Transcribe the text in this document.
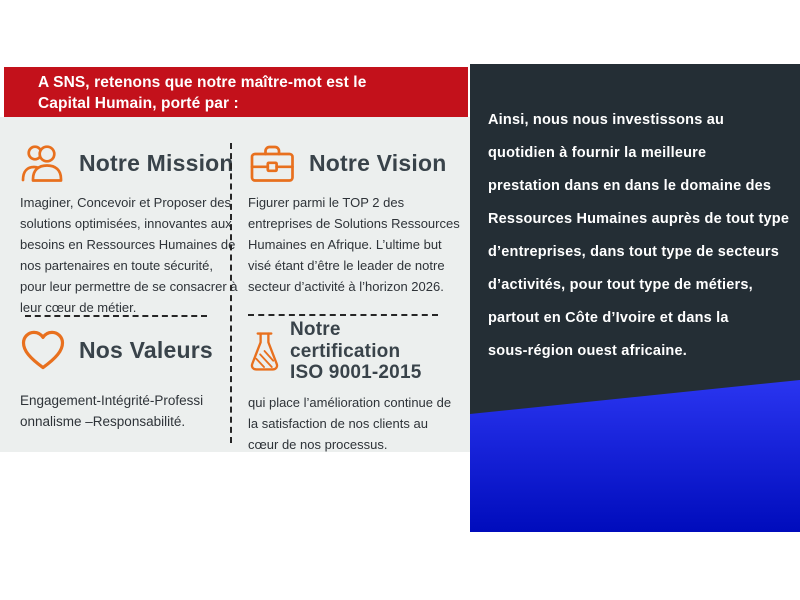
A SNS, retenons que notre maître-mot est le
Capital Humain, porté par :
Notre Mission
Imaginer, Concevoir et Proposer des solutions optimisées, innovantes aux besoins en Ressources Humaines de nos partenaires en toute sécurité, pour leur permettre de se consacrer à leur cœur de métier.
Notre Vision
Figurer parmi le TOP 2 des entreprises de Solutions Ressources Humaines en Afrique. L’ultime but visé étant d’être le leader de notre secteur d’activité à l’horizon 2026.
Nos Valeurs
Engagement-Intégrité-Professi
onnalisme –Responsabilité.
Notre certification
ISO 9001-2015
qui place l’amélioration continue de la satisfaction de nos clients au cœur de nos processus.
Ainsi, nous nous investissons au
quotidien à fournir la meilleure
prestation dans en dans le domaine des
Ressources Humaines auprès de tout type
d’entreprises, dans tout type de secteurs
d’activités, pour tout type de métiers,
partout en Côte d’Ivoire et dans la
sous-région ouest africaine.
